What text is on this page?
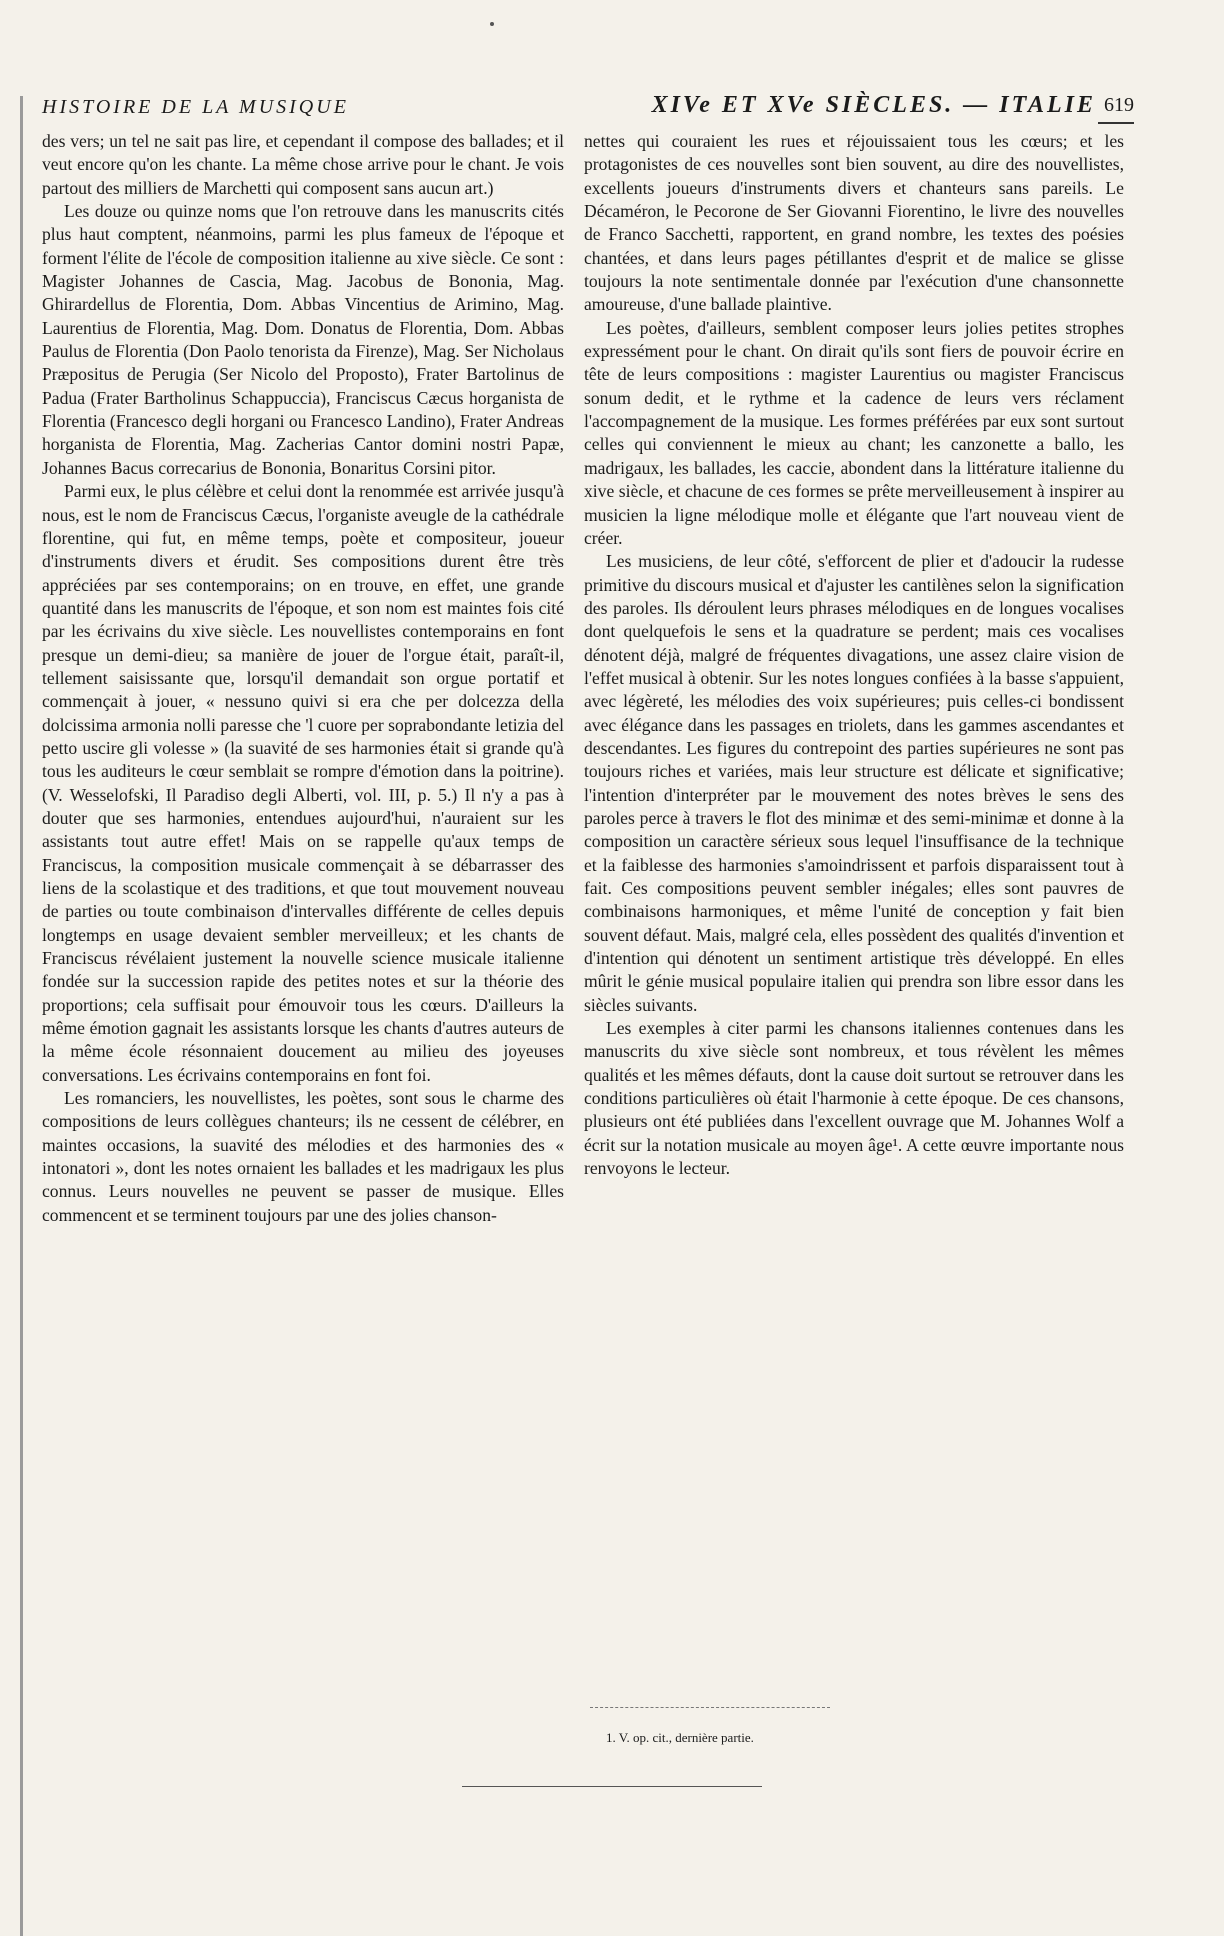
HISTOIRE DE LA MUSIQUE	XIVe ET XVe SIÈCLES. — ITALIE 619

des vers; un tel ne sait pas lire, et cependant il compose des ballades; et il veut encore qu'on les chante. La même chose arrive pour le chant. Je vois partout des milliers de Marchetti qui composent sans aucun art.)

Les douze ou quinze noms que l'on retrouve dans les manuscrits cités plus haut comptent, néanmoins, parmi les plus fameux de l'époque et forment l'élite de l'école de composition italienne au xive siècle. Ce sont : Magister Johannes de Cascia, Mag. Jacobus de Bononia, Mag. Ghirardellus de Florentia, Dom. Abbas Vincentius de Arimino, Mag. Laurentius de Florentia, Mag. Dom. Donatus de Florentia, Dom. Abbas Paulus de Florentia (Don Paolo tenorista da Firenze), Mag. Ser Nicholaus Præpositus de Perugia (Ser Nicolo del Proposto), Frater Bartolinus de Padua (Frater Bartholinus Schappuccia), Franciscus Cæcus horganista de Florentia (Francesco degli horgani ou Francesco Landino), Frater Andreas horganista de Florentia, Mag. Zacherias Cantor domini nostri Papæ, Johannes Bacus correcarius de Bononia, Bonaritus Corsini pitor.

Parmi eux, le plus célèbre et celui dont la renommée est arrivée jusqu'à nous, est le nom de Franciscus Cæcus, l'organiste aveugle de la cathédrale florentine, qui fut, en même temps, poète et compositeur, joueur d'instruments divers et érudit. Ses compositions durent être très appréciées par ses contemporains; on en trouve, en effet, une grande quantité dans les manuscrits de l'époque, et son nom est maintes fois cité par les écrivains du xive siècle. Les nouvellistes contemporains en font presque un demi-dieu; sa manière de jouer de l'orgue était, paraît-il, tellement saisissante que, lorsqu'il demandait son orgue portatif et commençait à jouer, « nessuno quivi si era che per dolcezza della dolcissima armonia nolli paresse che 'l cuore per soprabondante letizia del petto uscire gli volesse » (la suavité de ses harmonies était si grande qu'à tous les auditeurs le cœur semblait se rompre d'émotion dans la poitrine). (V. Wesselofski, Il Paradiso degli Alberti, vol. III, p. 5.) Il n'y a pas à douter que ses harmonies, entendues aujourd'hui, n'auraient sur les assistants tout autre effet! Mais on se rappelle qu'aux temps de Franciscus, la composition musicale commençait à se débarrasser des liens de la scolastique et des traditions, et que tout mouvement nouveau de parties ou toute combinaison d'intervalles différente de celles depuis longtemps en usage devaient sembler merveilleux; et les chants de Franciscus révélaient justement la nouvelle science musicale italienne fondée sur la succession rapide des petites notes et sur la théorie des proportions; cela suffisait pour émouvoir tous les cœurs. D'ailleurs la même émotion gagnait les assistants lorsque les chants d'autres auteurs de la même école résonnaient doucement au milieu des joyeuses conversations. Les écrivains contemporains en font foi.

Les romanciers, les nouvellistes, les poètes, sont sous le charme des compositions de leurs collègues chanteurs; ils ne cessent de célébrer, en maintes occasions, la suavité des mélodies et des harmonies des « intonatori », dont les notes ornaient les ballades et les madrigaux les plus connus. Leurs nouvelles ne peuvent se passer de musique. Elles commencent et se terminent toujours par une des jolies chanson-

nettes qui couraient les rues et réjouissaient tous les cœurs; et les protagonistes de ces nouvelles sont bien souvent, au dire des nouvellistes, excellents joueurs d'instruments divers et chanteurs sans pareils. Le Décaméron, le Pecorone de Ser Giovanni Fiorentino, le livre des nouvelles de Franco Sacchetti, rapportent, en grand nombre, les textes des poésies chantées, et dans leurs pages pétillantes d'esprit et de malice se glisse toujours la note sentimentale donnée par l'exécution d'une chansonnette amoureuse, d'une ballade plaintive.

Les poètes, d'ailleurs, semblent composer leurs jolies petites strophes expressément pour le chant. On dirait qu'ils sont fiers de pouvoir écrire en tête de leurs compositions : magister Laurentius ou magister Franciscus sonum dedit, et le rythme et la cadence de leurs vers réclament l'accompagnement de la musique. Les formes préférées par eux sont surtout celles qui conviennent le mieux au chant; les canzonette a ballo, les madrigaux, les ballades, les caccie, abondent dans la littérature italienne du xive siècle, et chacune de ces formes se prête merveilleusement à inspirer au musicien la ligne mélodique molle et élégante que l'art nouveau vient de créer.

Les musiciens, de leur côté, s'efforcent de plier et d'adoucir la rudesse primitive du discours musical et d'ajuster les cantilènes selon la signification des paroles. Ils déroulent leurs phrases mélodiques en de longues vocalises dont quelquefois le sens et la quadrature se perdent; mais ces vocalises dénotent déjà, malgré de fréquentes divagations, une assez claire vision de l'effet musical à obtenir. Sur les notes longues confiées à la basse s'appuient, avec légèreté, les mélodies des voix supérieures; puis celles-ci bondissent avec élégance dans les passages en triolets, dans les gammes ascendantes et descendantes. Les figures du contrepoint des parties supérieures ne sont pas toujours riches et variées, mais leur structure est délicate et significative; l'intention d'interpréter par le mouvement des notes brèves le sens des paroles perce à travers le flot des minimæ et des semi-minimæ et donne à la composition un caractère sérieux sous lequel l'insuffisance de la technique et la faiblesse des harmonies s'amoindrissent et parfois disparaissent tout à fait. Ces compositions peuvent sembler inégales; elles sont pauvres de combinaisons harmoniques, et même l'unité de conception y fait bien souvent défaut. Mais, malgré cela, elles possèdent des qualités d'invention et d'intention qui dénotent un sentiment artistique très développé. En elles mûrit le génie musical populaire italien qui prendra son libre essor dans les siècles suivants.

Les exemples à citer parmi les chansons italiennes contenues dans les manuscrits du xive siècle sont nombreux, et tous révèlent les mêmes qualités et les mêmes défauts, dont la cause doit surtout se retrouver dans les conditions particulières où était l'harmonie à cette époque. De ces chansons, plusieurs ont été publiées dans l'excellent ouvrage que M. Johannes Wolf a écrit sur la notation musicale au moyen âge¹. A cette œuvre importante nous renvoyons le lecteur.

1. V. op. cit., dernière partie.
